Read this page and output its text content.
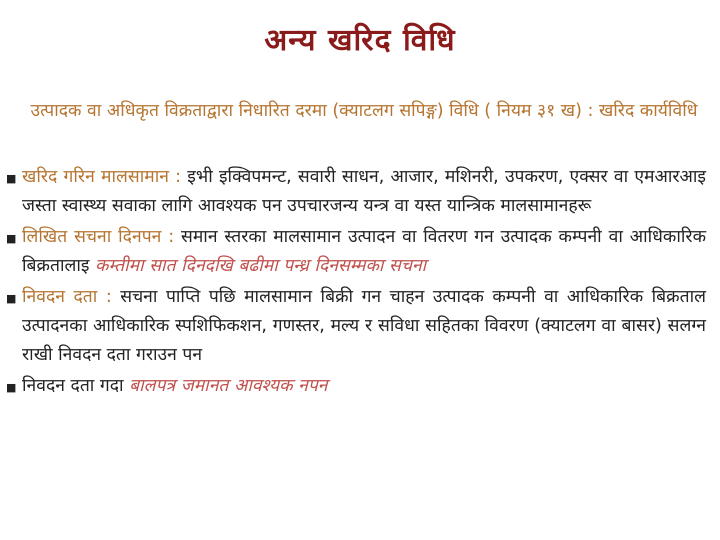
अन्य खरिद विधि
उत्पादक वा अधिकृत विक्रताद्वारा निधारित दरमा (क्याटलग सपिङ्ग) विधि ( नियम ३१ ख) : खरिद कार्यविधि
■ खरिद गरिन मालसामान : इभी इक्विपमन्ट, सवारी साधन, आजार, मशिनरी, उपकरण, एक्सर वा एमआरआइ जस्ता स्वास्थ्य सवाका लागि आवश्यक पन उपचारजन्य यन्त्र वा यस्त यान्त्रिक मालसामानहरू
■ लिखित सचना दिनपन : समान स्तरका मालसामान उत्पादन वा वितरण गन उत्पादक कम्पनी वा आधिकारिक बिक्रतालाइ कम्तीमा सात दिनदखि बढीमा पन्ध्र दिनसम्मका सचना
■ निवदन दता : सचना पाप्ति पछि मालसामान बिक्री गन चाहन उत्पादक कम्पनी वा आधिकारिक बिक्रताल उत्पादनका आधिकारिक स्पशिफिकशन, गणस्तर, मल्य र सविधा सहितका विवरण (क्याटलग वा बासर) सलग्न राखी निवदन दता गराउन पन
■ निवदन दता गदा बालपत्र जमानत आवश्यक नपन
